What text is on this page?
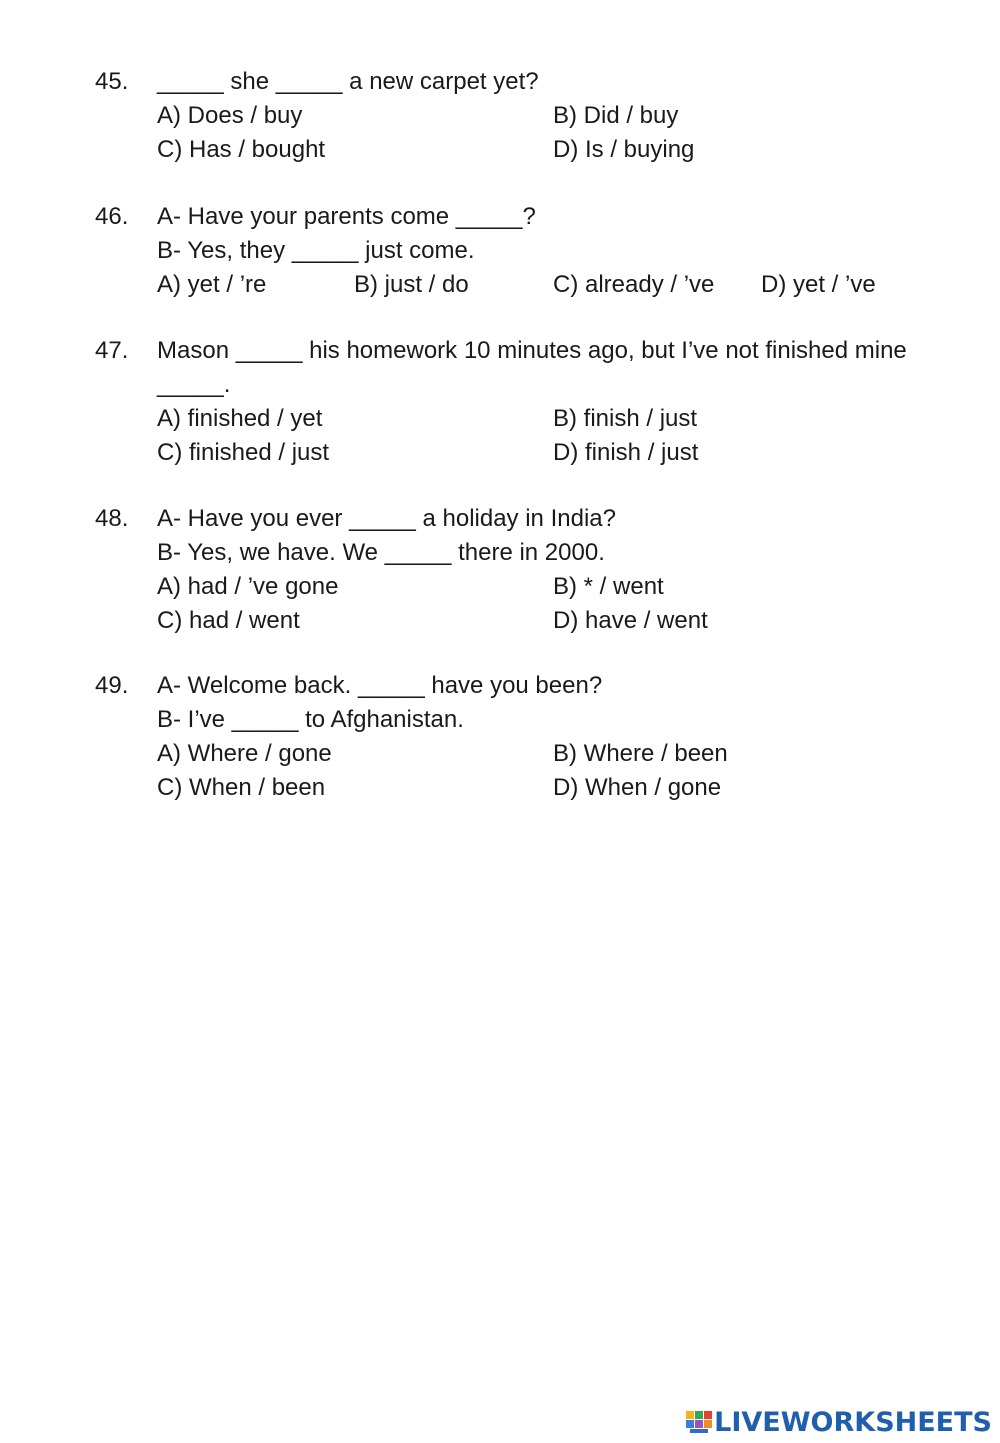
45.	_____ she _____ a new carpet yet?
A) Does / buy	B) Did / buy
C) Has / bought	D) Is / buying
46.	A- Have your parents come _____?
B- Yes, they _____ just come.
A) yet / ’re	B) just / do	C) already / ’ve D) yet / ’ve
47.	Mason _____ his homework 10 minutes ago, but I’ve not finished mine _____.
A) finished / yet	B) finish / just
C) finished / just	D) finish / just
48.	A- Have you ever _____ a holiday in India?
B- Yes, we have. We _____ there in 2000.
A) had / ’ve gone	B) * / went
C) had / went	D) have / went
49.	A- Welcome back. _____ have you been?
B- I’ve _____ to Afghanistan.
A) Where / gone	B) Where / been
C) When / been	D) When / gone
LIVEWORKSHEETS
